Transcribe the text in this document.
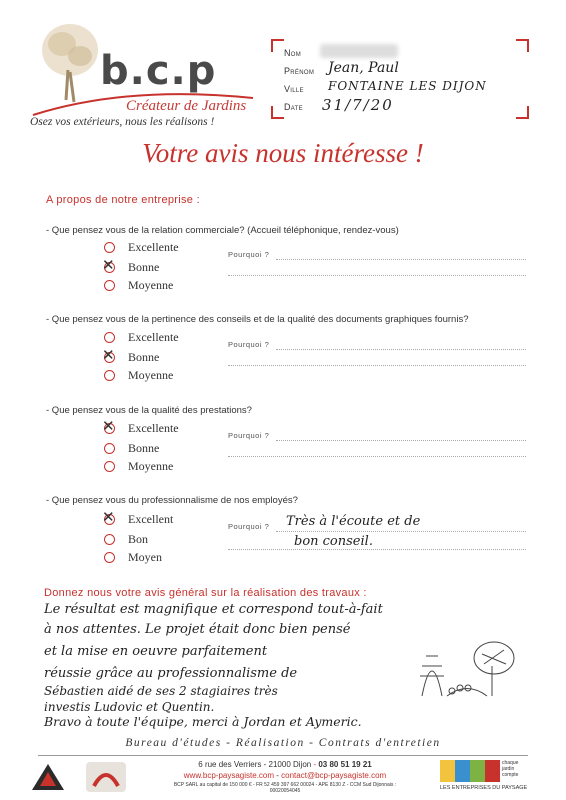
b.c.p
Créateur de Jardins
Osez vos extérieurs, nous les réalisons !
Nom
Prénom Jean, Paul
Ville FONTAINE LES DIJON
Date 31/7/20
Votre avis nous intéresse !
A propos de notre entreprise :
- Que pensez vous de la relation commerciale? (Accueil téléphonique, rendez-vous)
Excellente
✕ Bonne
Moyenne
Pourquoi ?
- Que pensez vous de la pertinence des conseils et de la qualité des documents graphiques fournis?
Excellente
✕ Bonne
Moyenne
Pourquoi ?
- Que pensez vous de la qualité des prestations?
✕ Excellente
Bonne
Moyenne
Pourquoi ?
- Que pensez vous du professionnalisme de nos employés?
✕ Excellent
Bon
Moyen
Pourquoi ? Très à l'écoute et de
bon conseil.
Donnez nous votre avis général sur la réalisation des travaux :
Le résultat est magnifique et correspond tout-à-fait
à nos attentes. Le projet était donc bien pensé
et la mise en oeuvre parfaitement
réussie grâce au professionnalisme de
Sébastien aidé de ses 2 stagiaires très
investis Ludovic et Quentin.
Bravo à toute l'équipe, merci à Jordan et Aymeric.
Bureau d'études - Réalisation - Contrats d'entretien
6 rue des Verriers - 21000 Dijon - 03 80 51 19 21
www.bcp-paysagiste.com - contact@bcp-paysagiste.com
BCP SARL au capital de 150 000 € - FR 52 459 397 662 00024 - APE 8130 Z - CCM Sud Dijonnais : 00020054045
chaque jardin compte
LES ENTREPRISES DU PAYSAGE
